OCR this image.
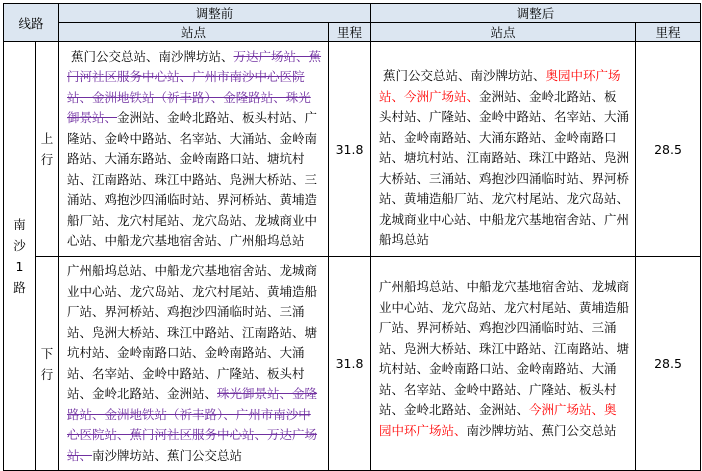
线路		调整前		调整后	
		站点	里程	站点	里程

南
沙
1
路	上
行	蕉门公交总站、南沙牌坊站、万达广场站、蕉门河社区服务中心站、广州市南沙中心医院站、金洲地铁站（祈丰路）、金隆路站、珠光御景站、金洲站、金岭北路站、板头村站、广隆站、金岭中路站、名宰站、大涌站、金岭南路站、大涌东路站、金岭南路口站、塘坑村站、江南路站、珠江中路站、凫洲大桥站、三涌站、鸡抱沙四涌临时站、界河桥站、黄埔造船厂站、龙穴村尾站、龙穴岛站、龙城商业中心站、中船龙穴基地宿舍站、广州船坞总站	31.8	蕉门公交总站、南沙牌坊站、奥园中环广场站、今洲广场站、金洲站、金岭北路站、板头村站、广隆站、金岭中路站、名宰站、大涌站、金岭南路站、大涌东路站、金岭南路口站、塘坑村站、江南路站、珠江中路站、凫洲大桥站、三涌站、鸡抱沙四涌临时站、界河桥站、黄埔造船厂站、龙穴村尾站、龙穴岛站、龙城商业中心站、中船龙穴基地宿舍站、广州船坞总站	28.5

	下
行	广州船坞总站、中船龙穴基地宿舍站、龙城商业中心站、龙穴岛站、龙穴村尾站、黄埔造船厂站、界河桥站、鸡抱沙四涌临时站、三涌站、凫洲大桥站、珠江中路站、江南路站、塘坑村站、金岭南路口站、金岭南路站、大涌站、名宰站、金岭中路站、广隆站、板头村站、金岭北路站、金洲站、珠光御景站、金隆路站、金洲地铁站（祈丰路）、广州市南沙中心医院站、蕉门河社区服务中心站、万达广场站、南沙牌坊站、蕉门公交总站	31.8	广州船坞总站、中船龙穴基地宿舍站、龙城商业中心站、龙穴岛站、龙穴村尾站、黄埔造船厂站、界河桥站、鸡抱沙四涌临时站、三涌站、凫洲大桥站、珠江中路站、江南路站、塘坑村站、金岭南路口站、金岭南路站、大涌站、名宰站、金岭中路站、广隆站、板头村站、金岭北路站、金洲站、今洲广场站、奥园中环广场站、南沙牌坊站、蕉门公交总站	28.5
